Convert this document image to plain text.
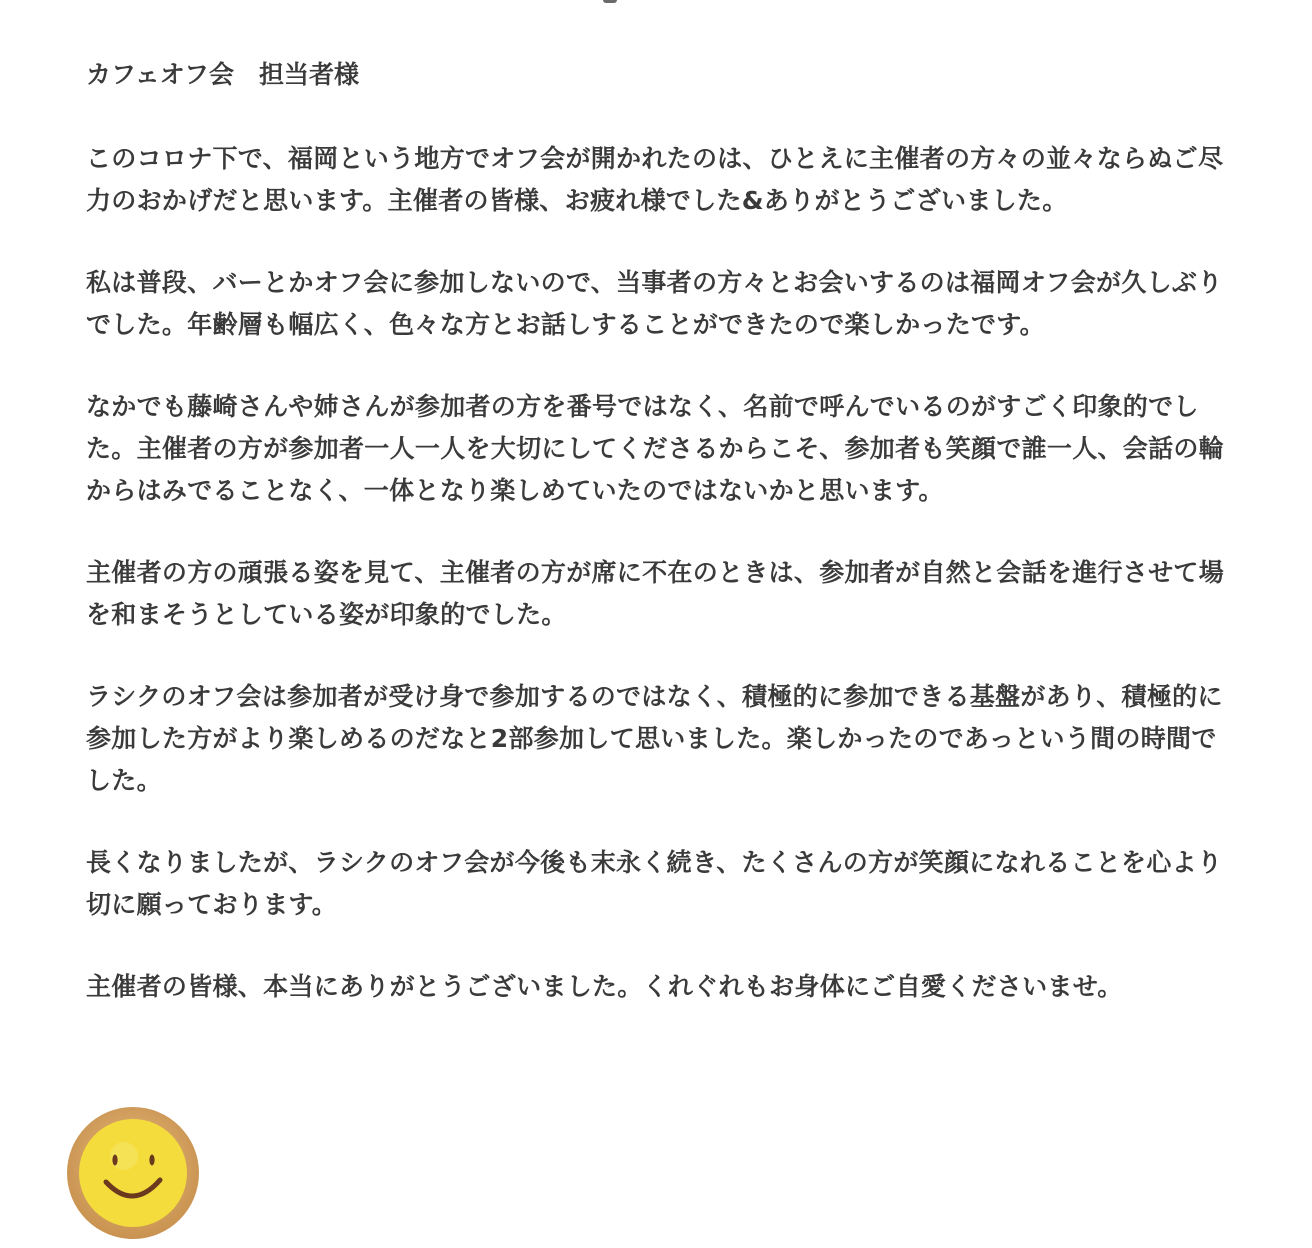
カフェオフ会　担当者様

このコロナ下で、福岡という地方でオフ会が開かれたのは、ひとえに主催者の方々の並々ならぬご尽力のおかげだと思います。主催者の皆様、お疲れ様でした&ありがとうございました。

私は普段、バーとかオフ会に参加しないので、当事者の方々とお会いするのは福岡オフ会が久しぶりでした。年齢層も幅広く、色々な方とお話しすることができたので楽しかったです。

なかでも藤崎さんや姉さんが参加者の方を番号ではなく、名前で呼んでいるのがすごく印象的でした。主催者の方が参加者一人一人を大切にしてくださるからこそ、参加者も笑顔で誰一人、会話の輪からはみでることなく、一体となり楽しめていたのではないかと思います。

主催者の方の頑張る姿を見て、主催者の方が席に不在のときは、参加者が自然と会話を進行させて場を和まそうとしている姿が印象的でした。

ラシクのオフ会は参加者が受け身で参加するのではなく、積極的に参加できる基盤があり、積極的に参加した方がより楽しめるのだなと2部参加して思いました。楽しかったのであっという間の時間でした。

長くなりましたが、ラシクのオフ会が今後も末永く続き、たくさんの方が笑顔になれることを心より切に願っております。

主催者の皆様、本当にありがとうございました。くれぐれもお身体にご自愛くださいませ。
